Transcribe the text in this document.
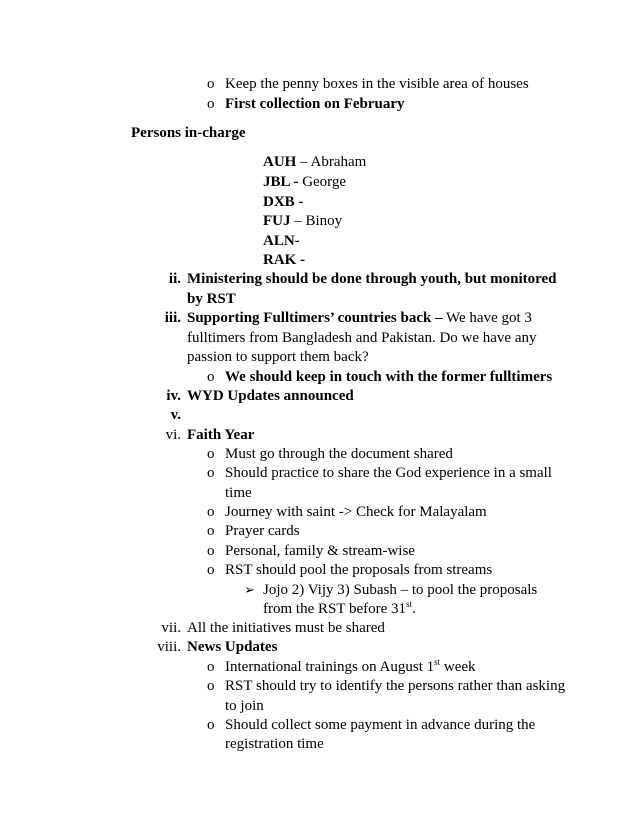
o Keep the penny boxes in the visible area of houses
o First collection on February
Persons in-charge
AUH – Abraham
JBL - George
DXB -
FUJ – Binoy
ALN-
RAK -
ii. Ministering should be done through youth, but monitored
by RST
iii. Supporting Fulltimers’ countries back – We have got 3
fulltimers from Bangladesh and Pakistan. Do we have any
passion to support them back?
o We should keep in touch with the former fulltimers
iv. WYD Updates announced
v.
vi. Faith Year
o Must go through the document shared
o Should practice to share the God experience in a small
time
o Journey with saint -> Check for Malayalam
o Prayer cards
o Personal, family & stream-wise
o RST should pool the proposals from streams
➢ Jojo 2) Vijy 3) Subash – to pool the proposals
from the RST before 31st.
vii. All the initiatives must be shared
viii. News Updates
o International trainings on August 1st week
o RST should try to identify the persons rather than asking
to join
o Should collect some payment in advance during the
registration time
